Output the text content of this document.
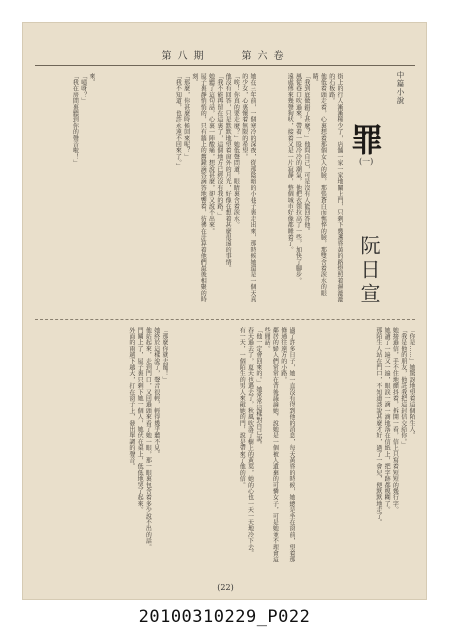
第八期　　第六卷
中篇小說
來。
「噫呀？」
「我在房間裏聽到你的聲音啦！」	她在三年前，一個寒冷的深夜，從那陰暗的小巷子裏走出來，那時候她還是一個天真的少女，心裏懷着無限的希望。
「唉！你真的要走麼？」她低聲問道，眼睛裏含着淚水。
他沒有回答，只是默默地望着窗外的月光，好像在想着甚麼很遠的事情。
「我不能再留在這裏了，這個地方已經沒有我的路。」
她聽了這句話，心裏一陣酸痛，想說甚麼，卻又說不出來。
屋子裏靜悄悄的，只有牆上的舊鐘滴答滴答地響着，彷彿在計算着他們最後相聚的時刻。
「那麼，你甚麼時候回來呢？」
「我不知道，也許永遠不回來了。」	街上的行人漸漸稀少了，店舖一家一家地關上門，只剩下幾盞昏黃的路燈照着濕漉漉的石板路。
他低着頭走着，心裏想着那個女人的臉，那張蒼白而憔悴的臉，那雙含着淚水的眼睛。
「我到底做錯了甚麼？」他問自己，可是沒有人能回答他。
風從巷口吹過來，帶着一股冷冷的潮氣，他把衣領拉高了一些，加快了腳步。
遠處傳來幾聲狗吠，接着又是一片寂靜，整個城市好像都睡着了。 罪
(一)
阮日宣
「那麼你就去罷！」
她終於這樣說了，聲音很輕，輕得幾乎聽不見。
他站起來，走到門口，又回過頭來看了她一眼，那一眼裏包含着多少說不出的話。
門關上了，屋子裏只剩下她一個人，她伏在桌上，低低地哭了起來。
外面的雨越下越大，打在窗子上，發出單調的聲音。	過了許多日子，她一直沒有得到他的消息，每天黃昏的時候，她總是坐在窗前，望着那條通往遠方的小路。
鄰居的婦人們常常在背後議論她，說她是一個被人遺棄的可憐女子，可是她並不理會這些閒話。
「他一定會回來的。」她常常這樣對自己說。
春天過去了，夏天也過去了，秋風吹落了樹上的黃葉，她的心也一天一天地冷下去。
有一天，一個陌生的男人來敲她的門，說是帶來了他的信。	「你是……」她驚訝地望着這個陌生人。
「我是他的朋友，他託我把這封信交給你。」
她接過信，手不住地顫抖着，拆開一看，信上只寫着短短的幾行字。
她讀了一遍又一遍，眼淚一滴一滴地落在信紙上，把字跡都模糊了。
那陌生人站在門口，不知道該說甚麼才好，過了一會兒，便默默地走了。
(22)
20100310229_P022
